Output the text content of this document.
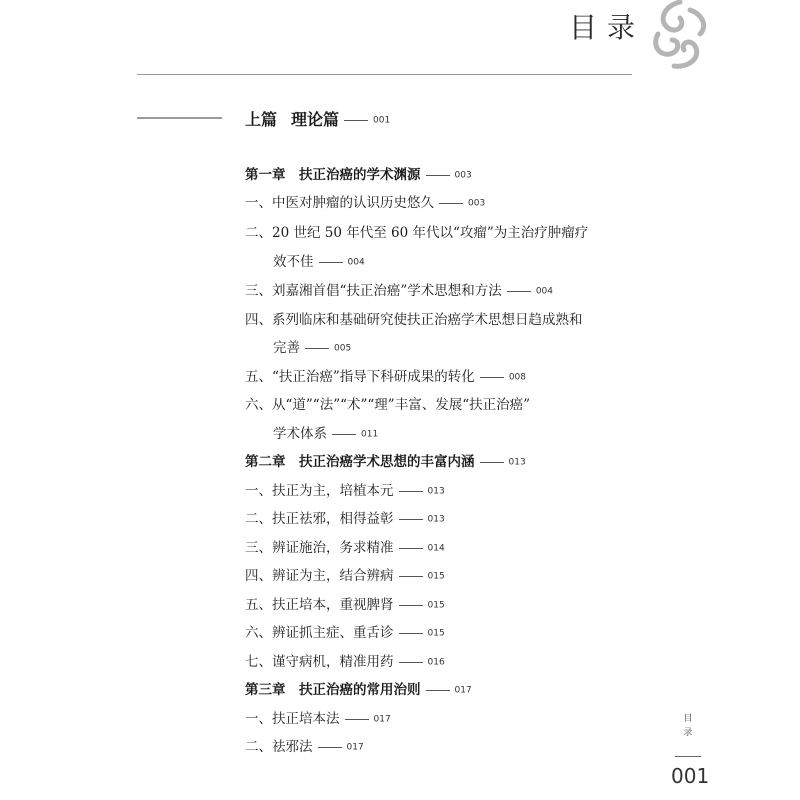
目录
上篇 理论篇	001
第一章　扶正治癌的学术渊源	003
一、中医对肿瘤的认识历史悠久	003
二、20 世纪 50 年代至 60 年代以“攻瘤”为主治疗肿瘤疗
效不佳	004
三、刘嘉湘首倡“扶正治癌”学术思想和方法	004
四、系列临床和基础研究使扶正治癌学术思想日趋成熟和
完善	005
五、“扶正治癌”指导下科研成果的转化	008
六、从“道”“法”“术”“理”丰富、发展“扶正治癌”
学术体系	011
第二章　扶正治癌学术思想的丰富内涵	013
一、扶正为主，培植本元	013
二、扶正祛邪，相得益彰	013
三、辨证施治，务求精准	014
四、辨证为主，结合辨病	015
五、扶正培本，重视脾肾	015
六、辨证抓主症、重舌诊	015
七、谨守病机，精准用药	016
第三章　扶正治癌的常用治则	017
一、扶正培本法	017
二、祛邪法	017
目
录
001
